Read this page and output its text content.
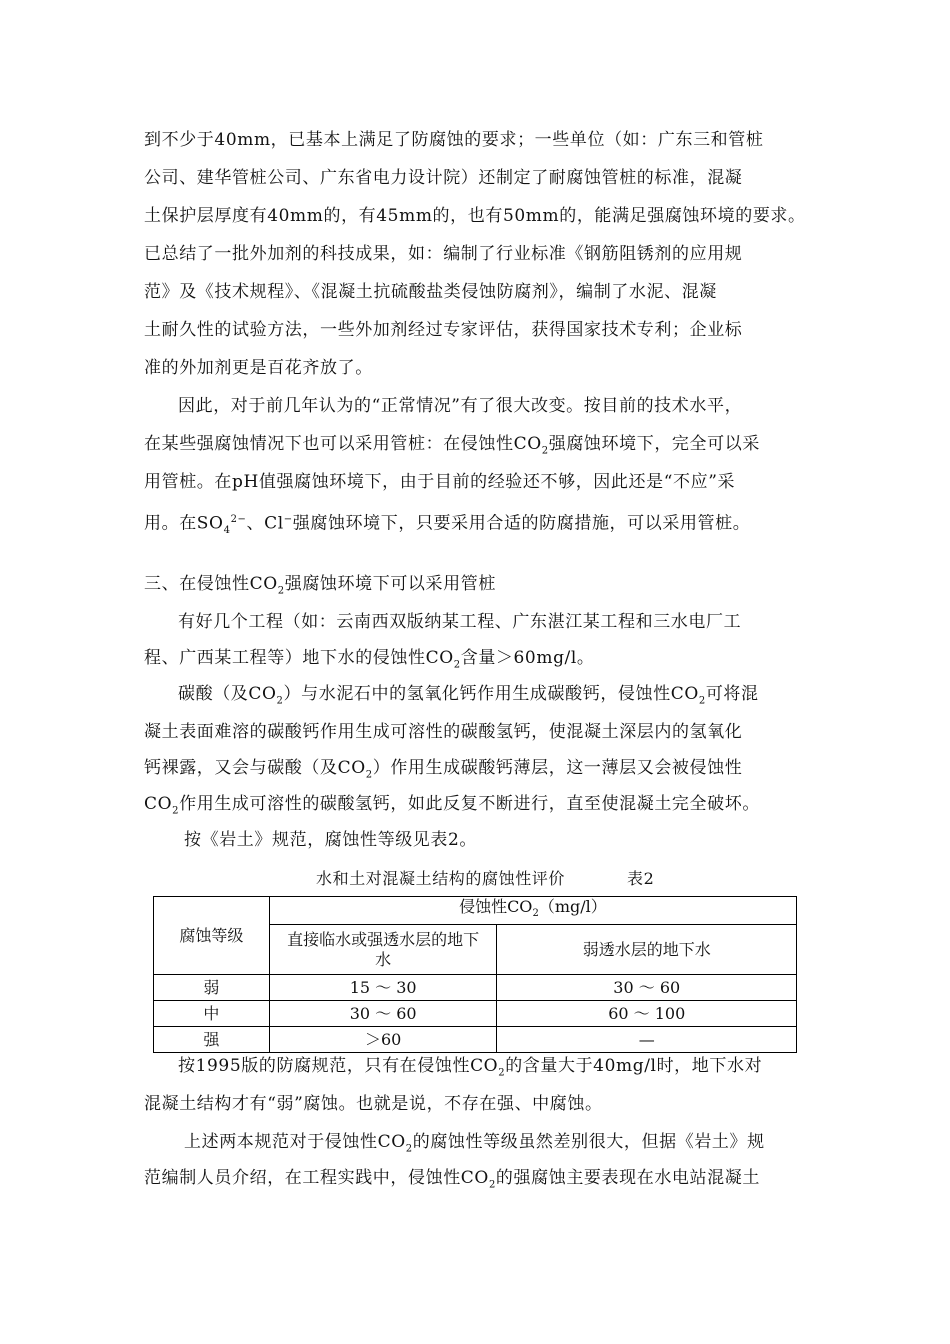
到不少于40mm，已基本上满足了防腐蚀的要求；一些单位（如：广东三和管桩
公司、建华管桩公司、广东省电力设计院）还制定了耐腐蚀管桩的标准，混凝
土保护层厚度有40mm的，有45mm的，也有50mm的，能满足强腐蚀环境的要求。
已总结了一批外加剂的科技成果，如：编制了行业标准《钢筋阻锈剂的应用规
范》及《技术规程》、《混凝土抗硫酸盐类侵蚀防腐剂》，编制了水泥、混凝
土耐久性的试验方法，一些外加剂经过专家评估，获得国家技术专利；企业标
准的外加剂更是百花齐放了。
因此，对于前几年认为的“正常情况”有了很大改变。按目前的技术水平，
在某些强腐蚀情况下也可以采用管桩：在侵蚀性$CO_2$强腐蚀环境下，完全可以采
用管桩。在pH值强腐蚀环境下，由于目前的经验还不够，因此还是“不应”采
用。在$SO_4^{2-}$、Cl−强腐蚀环境下，只要采用合适的防腐措施，可以采用管桩。
三、在侵蚀性$CO_2$强腐蚀环境下可以采用管桩
有好几个工程（如：云南西双版纳某工程、广东湛江某工程和三水电厂工
程、广西某工程等）地下水的侵蚀性$CO_2$含量＞60mg/l。
碳酸（及$CO_2$）与水泥石中的氢氧化钙作用生成碳酸钙，侵蚀性$CO_2$可将混
凝土表面难溶的碳酸钙作用生成可溶性的碳酸氢钙，使混凝土深层内的氢氧化
钙裸露，又会与碳酸（及$CO_2$）作用生成碳酸钙薄层，这一薄层又会被侵蚀性
$CO_2$作用生成可溶性的碳酸氢钙，如此反复不断进行，直至使混凝土完全破坏。
按《岩土》规范，腐蚀性等级见表2。
水和土对混凝土结构的腐蚀性评价	表2
腐蚀等级	侵蚀性$CO_2(mg/l)$	
	直接临水或强透水层的地下水	弱透水层的地下水
弱	15 ～ 30	30 ～ 60
中	30 ～ 60	60 ～ 100
强	＞60	—
按1995版的防腐规范，只有在侵蚀性$CO_2$的含量大于40mg/l时，地下水对
混凝土结构才有“弱”腐蚀。也就是说，不存在强、中腐蚀。
上述两本规范对于侵蚀性$CO_2$的腐蚀性等级虽然差别很大，但据《岩土》规
范编制人员介绍，在工程实践中，侵蚀性$CO_2$的强腐蚀主要表现在水电站混凝土
